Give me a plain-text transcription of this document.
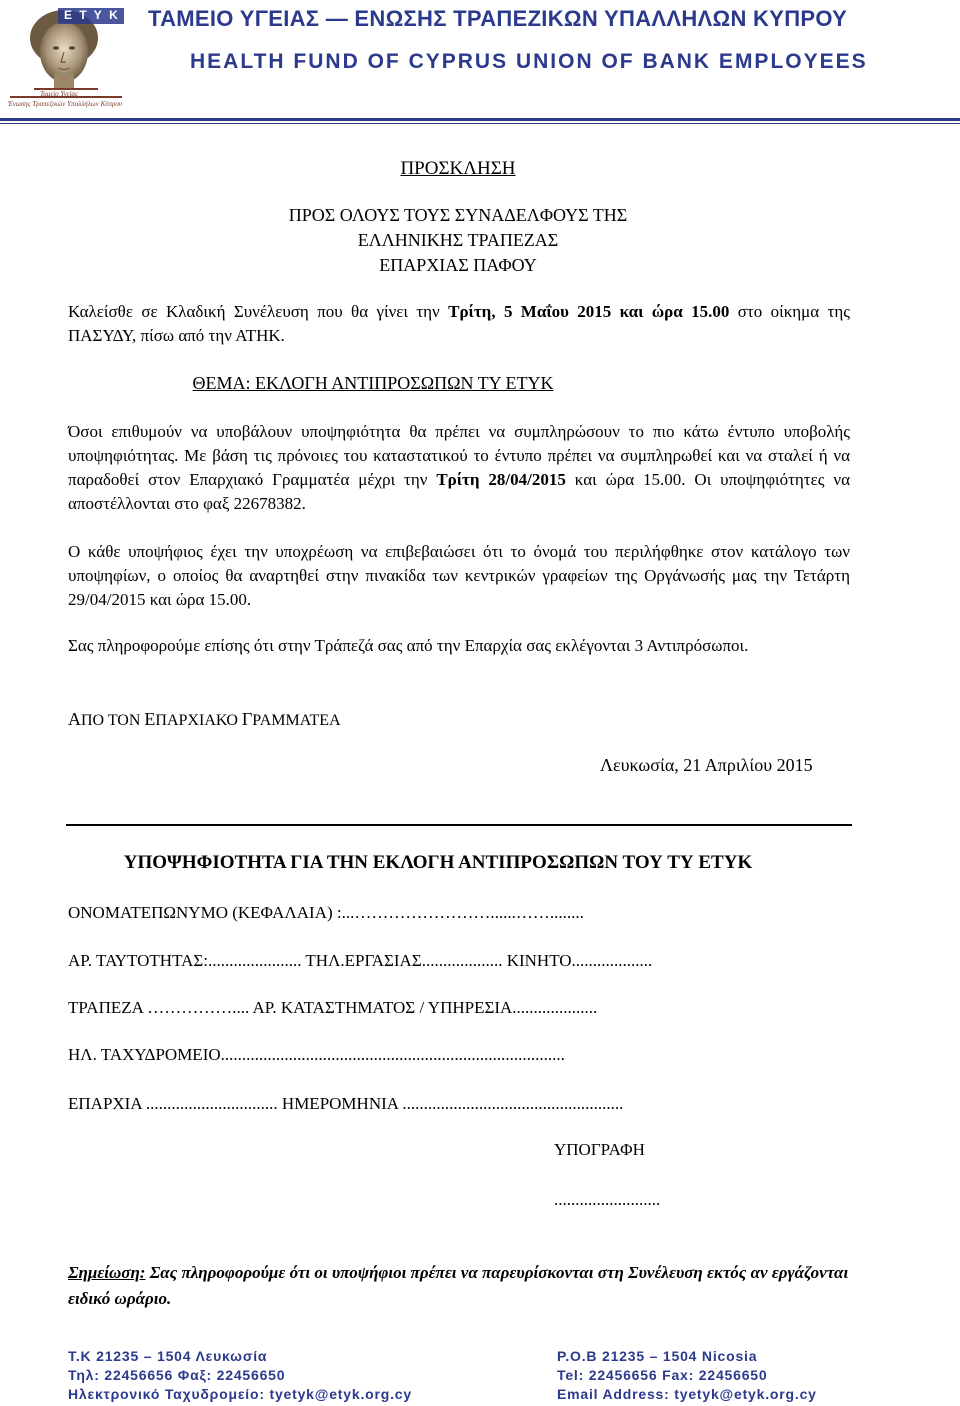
Ε Τ Υ Κ
Ταμείο Υγείας
Ένωσης Τραπεζικών Υπαλλήλων Κύπρου
ΤΑΜΕΙΟ ΥΓΕΙΑΣ — ΕΝΩΣΗΣ ΤΡΑΠΕΖΙΚΩΝ ΥΠΑΛΛΗΛΩΝ ΚΥΠΡΟΥ
HEALTH FUND OF CYPRUS UNION OF BANK EMPLOYEES
ΠΡΟΣΚΛΗΣΗ
ΠΡΟΣ ΟΛΟΥΣ ΤΟΥΣ ΣΥΝΑΔΕΛΦΟΥΣ ΤΗΣ
ΕΛΛΗΝΙΚΗΣ ΤΡΑΠΕΖΑΣ
ΕΠΑΡΧΙΑΣ ΠΑΦΟΥ
Καλείσθε σε Κλαδική Συνέλευση που θα γίνει την Τρίτη, 5 Μαΐου 2015 και ώρα 15.00 στο οίκημα της ΠΑΣΥΔΥ, πίσω από την ΑΤΗΚ.
ΘΕΜΑ: ΕΚΛΟΓΗ ΑΝΤΙΠΡΟΣΩΠΩΝ ΤΥ ΕΤΥΚ
Όσοι επιθυμούν να υποβάλουν υποψηφιότητα θα πρέπει να συμπληρώσουν το πιο κάτω έντυπο υποβολής υποψηφιότητας. Με βάση τις πρόνοιες του καταστατικού το έντυπο πρέπει να συμπληρωθεί και να σταλεί ή να παραδοθεί στον Επαρχιακό Γραμματέα μέχρι την Τρίτη 28/04/2015 και ώρα 15.00. Οι υποψηφιότητες να αποστέλλονται στο φαξ 22678382.
Ο κάθε υποψήφιος έχει την υποχρέωση να επιβεβαιώσει ότι το όνομά του περιλήφθηκε στον κατάλογο των υποψηφίων, ο οποίος θα αναρτηθεί στην πινακίδα των κεντρικών γραφείων της Οργάνωσής μας την Τετάρτη 29/04/2015 και ώρα 15.00.
Σας πληροφορούμε επίσης ότι στην Τράπεζά σας από την Επαρχία σας εκλέγονται 3 Αντιπρόσωποι.
ΑΠΟ ΤΟΝ ΕΠΑΡΧΙΑΚΟ ΓΡΑΜΜΑΤΕΑ
Λευκωσία, 21 Απριλίου 2015
ΥΠΟΨΗΦΙΟΤΗΤΑ ΓΙΑ ΤΗΝ ΕΚΛΟΓΗ ΑΝΤΙΠΡΟΣΩΠΩΝ ΤΟΥ ΤΥ ΕΤΥΚ
ΟΝΟΜΑΤΕΠΩΝΥΜΟ (ΚΕΦΑΛΑΙΑ) :...……………………......……........
ΑΡ. ΤΑΥΤΟΤΗΤΑΣ:...................... ΤΗΛ.ΕΡΓΑΣΙΑΣ................... ΚΙΝΗΤΟ...................
ΤΡΑΠΕΖΑ …………….... ΑΡ. ΚΑΤΑΣΤΗΜΑΤΟΣ / ΥΠΗΡΕΣΙΑ....................
ΗΛ. ΤΑΧΥΔΡΟΜΕΙΟ.................................................................................
ΕΠΑΡΧΙΑ ............................... ΗΜΕΡΟΜΗΝΙΑ ....................................................
ΥΠΟΓΡΑΦΗ
.........................
Σημείωση: Σας πληροφορούμε ότι οι υποψήφιοι πρέπει να παρευρίσκονται στη Συνέλευση εκτός αν εργάζονται ειδικό ωράριο.
Τ.Κ 21235 – 1504 Λευκωσία
Τηλ: 22456656 Φαξ: 22456650
Ηλεκτρονικό Ταχυδρομείο: tyetyk@etyk.org.cy
P.O.B 21235 – 1504 Nicosia
Tel: 22456656 Fax: 22456650
Email Address: tyetyk@etyk.org.cy
